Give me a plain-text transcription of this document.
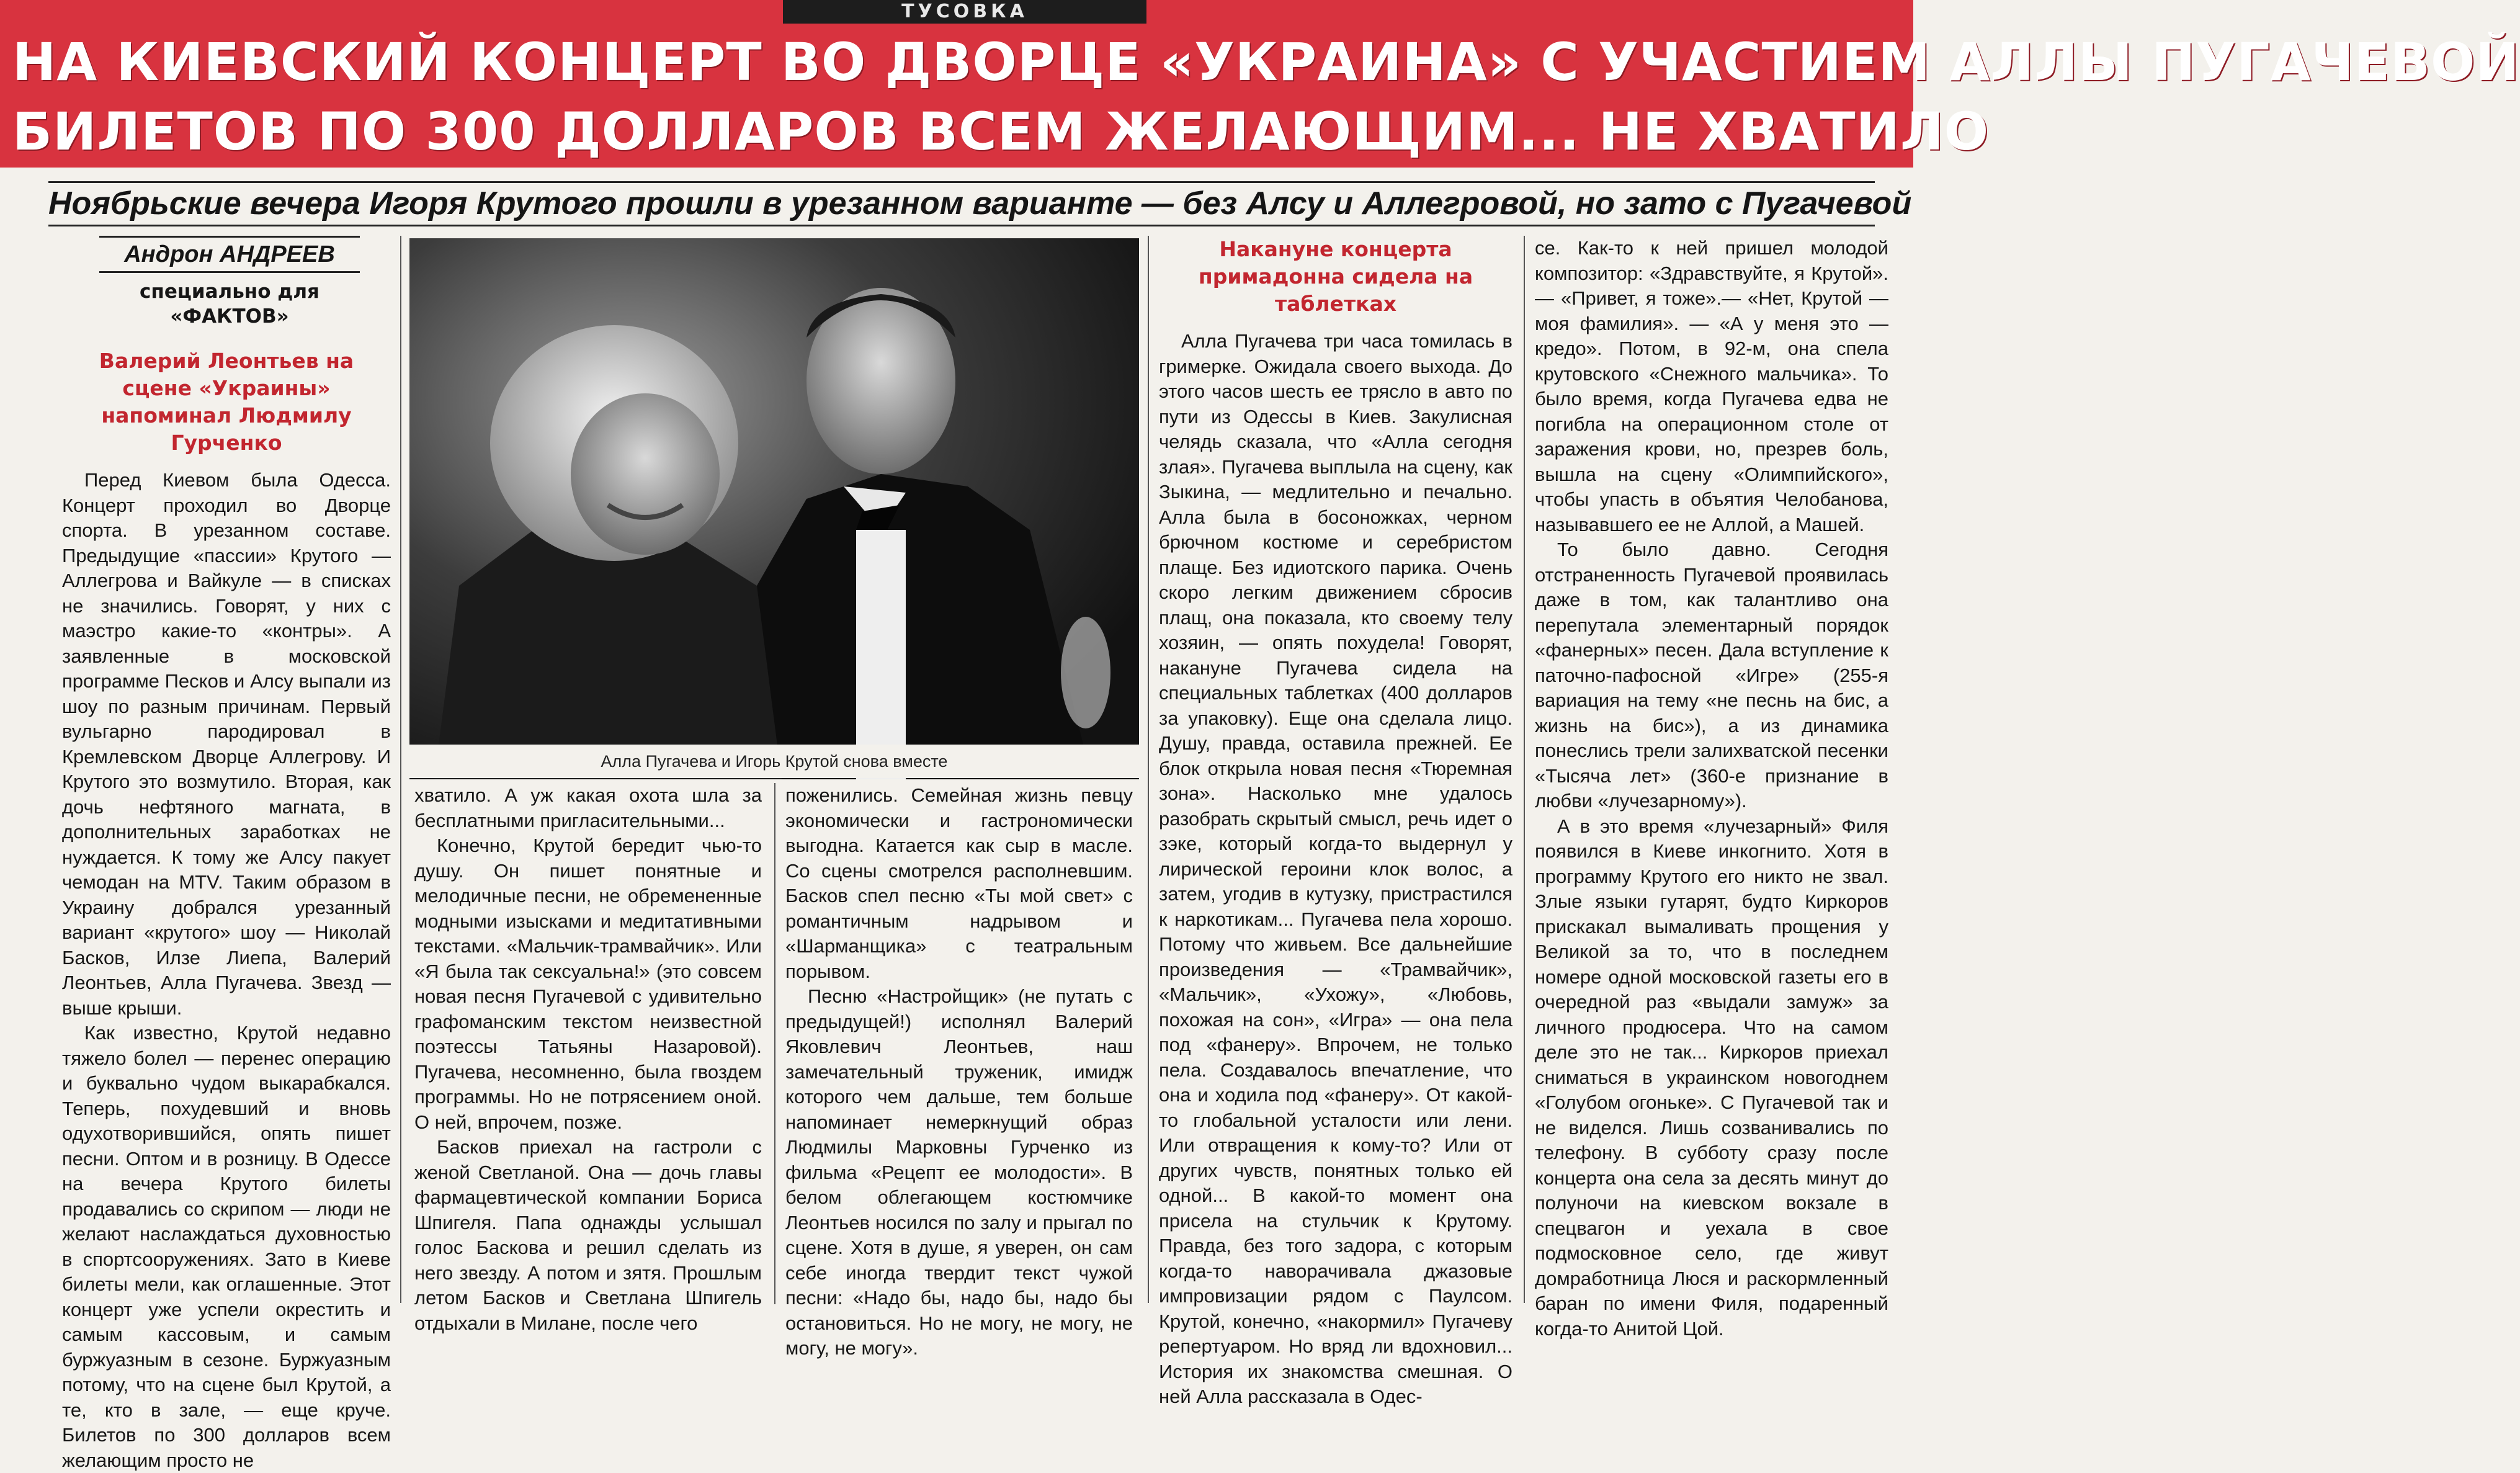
ТУСОВКА
НА КИЕВСКИЙ КОНЦЕРТ ВО ДВОРЦЕ «УКРАИНА» С УЧАСТИЕМ АЛЛЫ ПУГАЧЕВОЙ
БИЛЕТОВ ПО 300 ДОЛЛАРОВ ВСЕМ ЖЕЛАЮЩИМ... НЕ ХВАТИЛО
Ноябрьские вечера Игоря Крутого прошли в урезанном варианте — без Алсу и Аллегровой, но зато с Пугачевой
Андрон АНДРЕЕВ
специально для
«ФАКТОВ»
Валерий Леонтьев на сцене «Украины» напоминал Людмилу Гурченко

Перед Киевом была Одесса. Концерт проходил во Дворце спорта. В урезанном составе. Предыдущие «пассии» Крутого — Аллегрова и Вайкуле — в списках не значились. Говорят, у них с маэстро какие-то «контры». А заявленные в московской программе Песков и Алсу выпали из шоу по разным причинам. Первый вульгарно пародировал в Кремлевском Дворце Аллегрову. И Крутого это возмутило. Вторая, как дочь нефтяного магната, в дополнительных заработках не нуждается. К тому же Алсу пакует чемодан на MTV. Таким образом в Украину добрался урезанный вариант «крутого» шоу — Николай Басков, Илзе Лиепа, Валерий Леонтьев, Алла Пугачева. Звезд — выше крыши.

Как известно, Крутой недавно тяжело болел — перенес операцию и буквально чудом выкарабкался. Теперь, похудевший и вновь одухотворившийся, опять пишет песни. Оптом и в розницу. В Одессе на вечера Крутого билеты продавались со скрипом — люди не желают наслаждаться духовностью в спортсооружениях. Зато в Киеве билеты мели, как оглашенные. Этот концерт уже успели окрестить и самым кассовым, и самым буржуазным в сезоне. Буржуазным потому, что на сцене был Крутой, а те, кто в зале, — еще круче. Билетов по 300 долларов всем желающим просто не

Алла Пугачева и Игорь Крутой снова вместе

хватило. А уж какая охота шла за бесплатными пригласительными...

Конечно, Крутой бередит чью-то душу. Он пишет понятные и мелодичные песни, не обремененные модными изысками и медитативными текстами. «Мальчик-трамвайчик». Или «Я была так сексуальна!» (это совсем новая песня Пугачевой с удивительно графоманским текстом неизвестной поэтессы Татьяны Назаровой). Пугачева, несомненно, была гвоздем программы. Но не потрясением оной. О ней, впрочем, позже.

Басков приехал на гастроли с женой Светланой. Она — дочь главы фармацевтической компании Бориса Шпигеля. Папа однажды услышал голос Баскова и решил сделать из него звезду. А потом и зятя. Прошлым летом Басков и Светлана Шпигель отдыхали в Милане, после чего

поженились. Семейная жизнь певцу экономически и гастрономически выгодна. Катается как сыр в масле. Со сцены смотрелся располневшим. Басков спел песню «Ты мой свет» с романтичным надрывом и «Шарманщика» с театральным порывом.

Песню «Настройщик» (не путать с предыдущей!) исполнял Валерий Яковлевич Леонтьев, наш замечательный труженик, имидж которого чем дальше, тем больше напоминает немеркнущий образ Людмилы Марковны Гурченко из фильма «Рецепт ее молодости». В белом облегающем костюмчике Леонтьев носился по залу и прыгал по сцене. Хотя в душе, я уверен, он сам себе иногда твердит текст чужой песни: «Надо бы, надо бы, надо бы остановиться. Но не могу, не могу, не могу, не могу».

Накануне концерта примадонна сидела на таблетках

Алла Пугачева три часа томилась в гримерке. Ожидала своего выхода. До этого часов шесть ее трясло в авто по пути из Одессы в Киев. Закулисная челядь сказала, что «Алла сегодня злая». Пугачева выплыла на сцену, как Зыкина, — медлительно и печально. Алла была в босоножках, черном брючном костюме и серебристом плаще. Без идиотского парика. Очень скоро легким движением сбросив плащ, она показала, кто своему телу хозяин, — опять похудела! Говорят, накануне Пугачева сидела на специальных таблетках (400 долларов за упаковку). Еще она сделала лицо. Душу, правда, оставила прежней. Ее блок открыла новая песня «Тюремная зона». Насколько мне удалось разобрать скрытый смысл, речь идет о зэке, который когда-то выдернул у лирической героини клок волос, а затем, угодив в кутузку, пристрастился к наркотикам... Пугачева пела хорошо. Потому что живьем. Все дальнейшие произведения — «Трамвайчик», «Мальчик», «Ухожу», «Любовь, похожая на сон», «Игра» — она пела под «фанеру». Впрочем, не только пела. Создавалось впечатление, что она и ходила под «фанеру». От какой-то глобальной усталости или лени. Или отвращения к кому-то? Или от других чувств, понятных только ей одной... В какой-то момент она присела на стульчик к Крутому. Правда, без того задора, с которым когда-то наворачивала джазовые импровизации рядом с Паулсом. Крутой, конечно, «накормил» Пугачеву репертуаром. Но вряд ли вдохновил... История их знакомства смешная. О ней Алла рассказала в Одес-

се. Как-то к ней пришел молодой композитор: «Здравствуйте, я Крутой». — «Привет, я тоже».— «Нет, Крутой — моя фамилия». — «А у меня это — кредо». Потом, в 92-м, она спела крутовского «Снежного мальчика». То было время, когда Пугачева едва не погибла на операционном столе от заражения крови, но, презрев боль, вышла на сцену «Олимпийского», чтобы упасть в объятия Челобанова, называвшего ее не Аллой, а Машей.

То было давно. Сегодня отстраненность Пугачевой проявилась даже в том, как талантливо она перепутала элементарный порядок «фанерных» песен. Дала вступление к паточно-пафосной «Игре» (255-я вариация на тему «не песнь на бис, а жизнь на бис»), а из динамика понеслись трели залихватской песенки «Тысяча лет» (360-е признание в любви «лучезарному»).

А в это время «лучезарный» Филя появился в Киеве инкогнито. Хотя в программу Крутого его никто не звал. Злые языки гутарят, будто Киркоров прискакал вымаливать прощения у Великой за то, что в последнем номере одной московской газеты его в очередной раз «выдали замуж» за личного продюсера. Что на самом деле это не так... Киркоров приехал сниматься в украинском новогоднем «Голубом огоньке». С Пугачевой так и не виделся. Лишь созванивались по телефону. В субботу сразу после концерта она села за десять минут до полуночи на киевском вокзале в спецвагон и уехала в свое подмосковное село, где живут домработница Люся и раскормленный баран по имени Филя, подаренный когда-то Анитой Цой.
